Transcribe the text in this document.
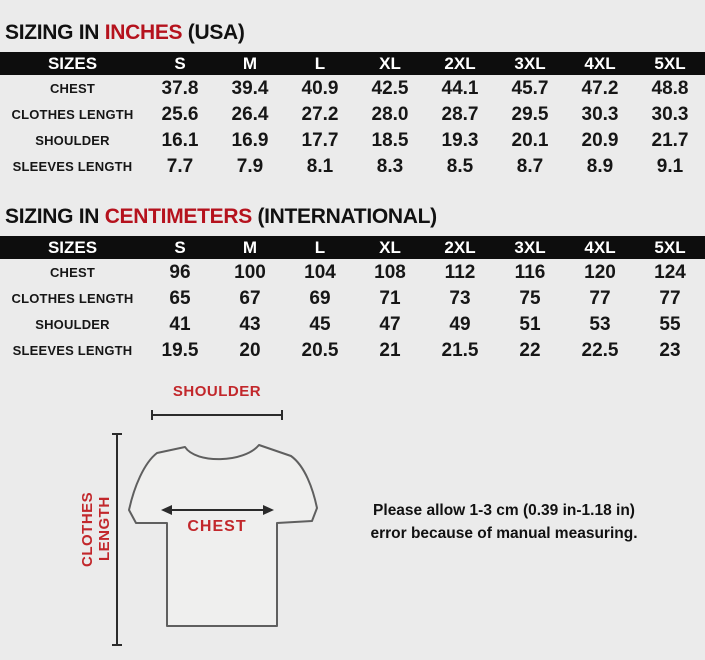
SIZING IN INCHES (USA)
SIZES	S	M	L	XL	2XL	3XL	4XL	5XL
CHEST	37.8	39.4	40.9	42.5	44.1	45.7	47.2	48.8
CLOTHES LENGTH	25.6	26.4	27.2	28.0	28.7	29.5	30.3	30.3
SHOULDER	16.1	16.9	17.7	18.5	19.3	20.1	20.9	21.7
SLEEVES LENGTH	7.7	7.9	8.1	8.3	8.5	8.7	8.9	9.1
SIZING IN CENTIMETERS (INTERNATIONAL)
SIZES	S	M	L	XL	2XL	3XL	4XL	5XL
CHEST	96	100	104	108	112	116	120	124
CLOTHES LENGTH	65	67	69	71	73	75	77	77
SHOULDER	41	43	45	47	49	51	53	55
SLEEVES LENGTH	19.5	20	20.5	21	21.5	22	22.5	23
SHOULDER
CLOTHES LENGTH	CHEST
Please allow 1-3 cm (0.39 in-1.18 in)
error because of manual measuring.
